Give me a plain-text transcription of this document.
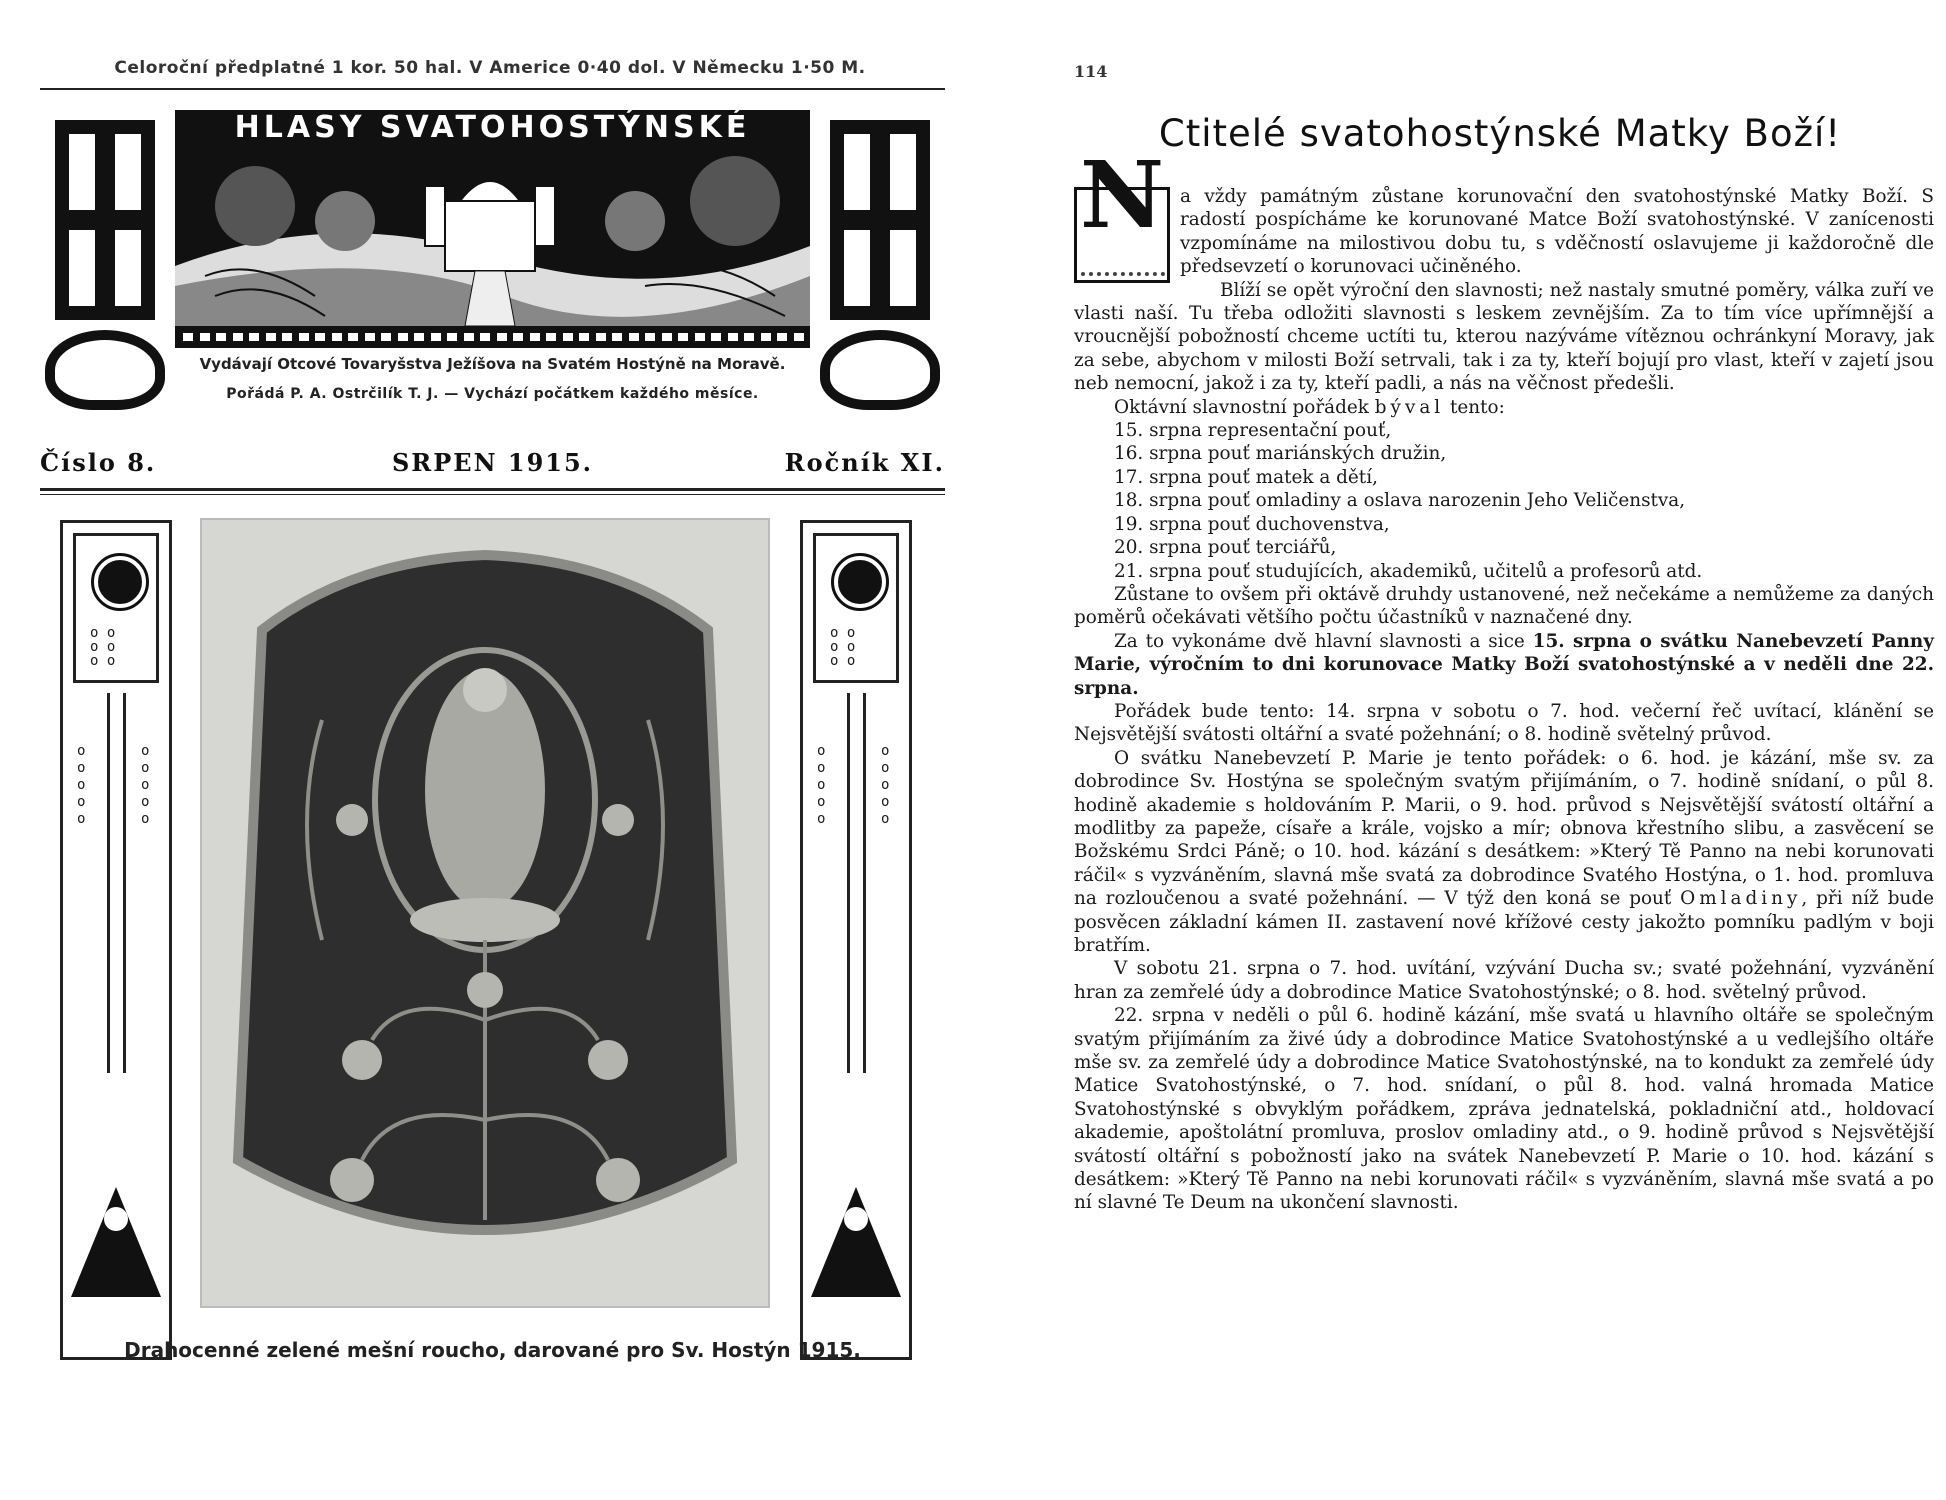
Celoroční předplatné 1 kor. 50 hal. V Americe 0·40 dol. V Německu 1·50 M.
HLASY SVATOHOSTÝNSKÉ
Vydávají Otcové Tovaryšstva Ježíšova na Svatém Hostýně na Moravě.
Pořádá P. A. Ostrčilík T. J. — Vychází počátkem každého měsíce.
Číslo 8.	SRPEN 1915.	Ročník XI.
o o
o o
o o
o
o
o
o
o
o
o
o
o
o
o o
o o
o o
o
o
o
o
o
o
o
o
o
o
Drahocenné zelené mešní roucho, darované pro Sv. Hostýn 1915.
114
Ctitelé svatohostýnské Matky Boží!
N a vždy památným zůstane korunovační den svatohostýnské Matky Boží. S radostí pospícháme ke korunované Matce Boží svatohostýnské. V zanícenosti vzpomínáme na milostivou dobu tu, s vděčností oslavujeme ji každoročně dle předsevzetí o korunovaci učiněného.

Blíží se opět výroční den slavnosti; než nastaly smutné poměry, válka zuří ve vlasti naší. Tu třeba odložiti slavnosti s leskem zevnějším. Za to tím více upřímnější a vroucnější pobožností chceme uctíti tu, kterou nazýváme vítěznou ochránkyní Moravy, jak za sebe, abychom v milosti Boží setrvali, tak i za ty, kteří bojují pro vlast, kteří v zajetí jsou neb nemocní, jakož i za ty, kteří padli, a nás na věčnost předešli.

Oktávní slavnostní pořádek býval tento:

15. srpna representační pouť,
16. srpna pouť mariánských družin,
17. srpna pouť matek a dětí,
18. srpna pouť omladiny a oslava narozenin Jeho Veličenstva,
19. srpna pouť duchovenstva,
20. srpna pouť terciářů,
21. srpna pouť studujících, akademiků, učitelů a profesorů atd.

Zůstane to ovšem při oktávě druhdy ustanovené, než nečekáme a nemůžeme za daných poměrů očekávati většího počtu účastníků v naznačené dny.

Za to vykonáme dvě hlavní slavnosti a sice 15. srpna o svátku Nanebevzetí Panny Marie, výročním to dni korunovace Matky Boží svatohostýnské a v neděli dne 22. srpna.

Pořádek bude tento: 14. srpna v sobotu o 7. hod. večerní řeč uvítací, klánění se Nejsvětější svátosti oltářní a svaté požehnání; o 8. hodině světelný průvod.

O svátku Nanebevzetí P. Marie je tento pořádek: o 6. hod. je kázání, mše sv. za dobrodince Sv. Hostýna se společným svatým přijímáním, o 7. hodině snídaní, o půl 8. hodině akademie s holdováním P. Marii, o 9. hod. průvod s Nejsvětější svátostí oltářní a modlitby za papeže, císaře a krále, vojsko a mír; obnova křestního slibu, a zasvěcení se Božskému Srdci Páně; o 10. hod. kázání s desátkem: »Který Tě Panno na nebi korunovati ráčil« s vyzváněním, slavná mše svatá za dobrodince Svatého Hostýna, o 1. hod. promluva na rozloučenou a svaté požehnání. — V týž den koná se pouť Omladiny, při níž bude posvěcen základní kámen II. zastavení nové křížové cesty jakožto pomníku padlým v boji bratřím.

V sobotu 21. srpna o 7. hod. uvítání, vzývání Ducha sv.; svaté požehnání, vyzvánění hran za zemřelé údy a dobrodince Matice Svatohostýnské; o 8. hod. světelný průvod.

22. srpna v neděli o půl 6. hodině kázání, mše svatá u hlavního oltáře se společným svatým přijímáním za živé údy a dobrodince Matice Svatohostýnské a u vedlejšího oltáře mše sv. za zemřelé údy a dobrodince Matice Svatohostýnské, na to kondukt za zemřelé údy Matice Svatohostýnské, o 7. hod. snídaní, o půl 8. hod. valná hromada Matice Svatohostýnské s obvyklým pořádkem, zpráva jednatelská, pokladniční atd., holdovací akademie, apoštolátní promluva, proslov omladiny atd., o 9. hodině průvod s Nejsvětější svátostí oltářní s pobožností jako na svátek Nanebevzetí P. Marie o 10. hod. kázání s desátkem: »Který Tě Panno na nebi korunovati ráčil« s vyzváněním, slavná mše svatá a po ní slavné Te Deum na ukončení slavnosti.
